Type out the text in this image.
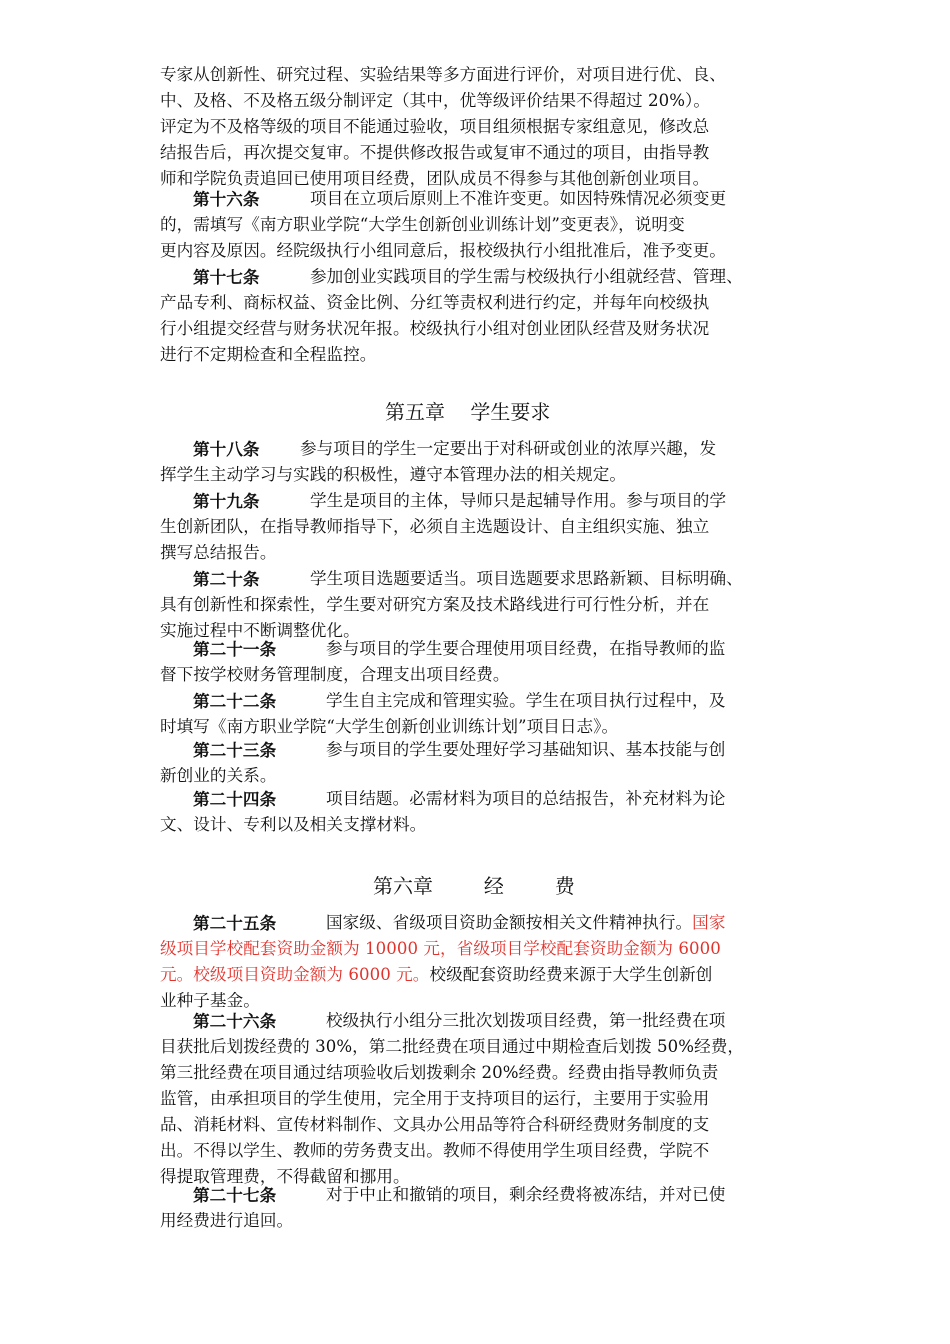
专家从创新性、研究过程、实验结果等多方面进行评价，对项目进行优、良、
中、及格、不及格五级分制评定（其中，优等级评价结果不得超过 20%）。
评定为不及格等级的项目不能通过验收，项目组须根据专家组意见，修改总
结报告后，再次提交复审。不提供修改报告或复审不通过的项目，由指导教
师和学院负责追回已使用项目经费，团队成员不得参与其他创新创业项目。
第十六条	项目在立项后原则上不准许变更。如因特殊情况必须变更
的，需填写《南方职业学院“大学生创新创业训练计划”变更表》，说明变
更内容及原因。经院级执行小组同意后，报校级执行小组批准后，准予变更。
第十七条	参加创业实践项目的学生需与校级执行小组就经营、管理、
产品专利、商标权益、资金比例、分红等责权利进行约定，并每年向校级执
行小组提交经营与财务状况年报。校级执行小组对创业团队经营及财务状况
进行不定期检查和全程监控。
第五章    学生要求
第十八条 参与项目的学生一定要出于对科研或创业的浓厚兴趣，发
挥学生主动学习与实践的积极性，遵守本管理办法的相关规定。
第十九条	学生是项目的主体，导师只是起辅导作用。参与项目的学
生创新团队，在指导教师指导下，必须自主选题设计、自主组织实施、独立
撰写总结报告。
第二十条	学生项目选题要适当。项目选题要求思路新颖、目标明确、
具有创新性和探索性，学生要对研究方案及技术路线进行可行性分析，并在
实施过程中不断调整优化。
第二十一条	参与项目的学生要合理使用项目经费，在指导教师的监
督下按学校财务管理制度，合理支出项目经费。
第二十二条	学生自主完成和管理实验。学生在项目执行过程中，及
时填写《南方职业学院“大学生创新创业训练计划”项目日志》。
第二十三条	参与项目的学生要处理好学习基础知识、基本技能与创
新创业的关系。
第二十四条	项目结题。必需材料为项目的总结报告，补充材料为论
文、设计、专利以及相关支撑材料。
第六章        经        费
第二十五条	国家级、省级项目资助金额按相关文件精神执行。国家
级项目学校配套资助金额为 10000 元，省级项目学校配套资助金额为 6000
元。校级项目资助金额为 6000 元。校级配套资助经费来源于大学生创新创
业种子基金。
第二十六条	校级执行小组分三批次划拨项目经费，第一批经费在项
目获批后划拨经费的 30%，第二批经费在项目通过中期检查后划拨 50%经费，
第三批经费在项目通过结项验收后划拨剩余 20%经费。经费由指导教师负责
监管，由承担项目的学生使用，完全用于支持项目的运行，主要用于实验用
品、消耗材料、宣传材料制作、文具办公用品等符合科研经费财务制度的支
出。不得以学生、教师的劳务费支出。教师不得使用学生项目经费，学院不
得提取管理费，不得截留和挪用。
第二十七条	对于中止和撤销的项目，剩余经费将被冻结，并对已使
用经费进行追回。
